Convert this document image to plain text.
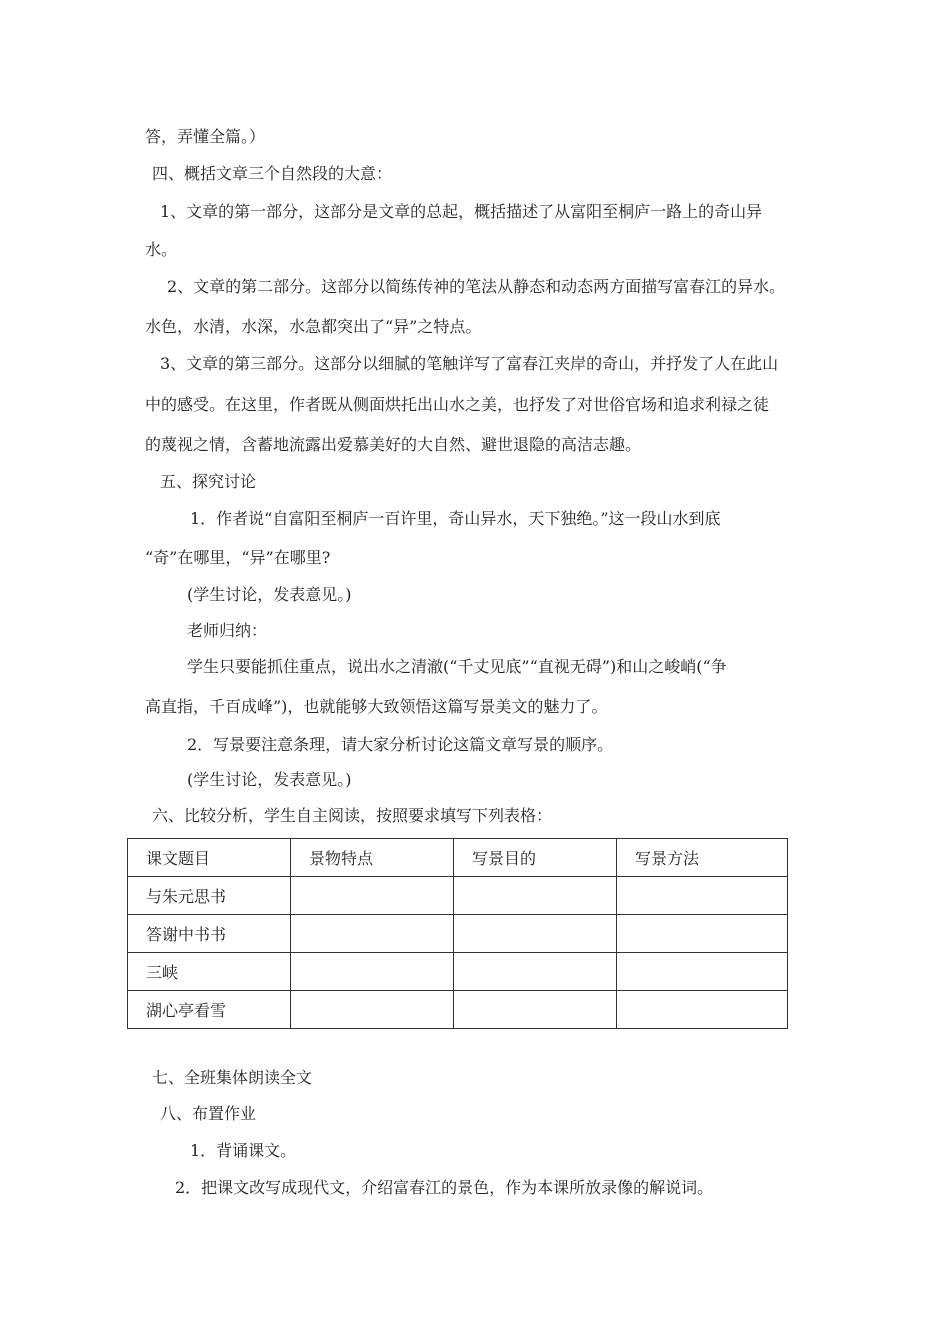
答，弄懂全篇。）
四、概括文章三个自然段的大意：
1、文章的第一部分，这部分是文章的总起，概括描述了从富阳至桐庐一路上的奇山异
水。
2、文章的第二部分。这部分以简练传神的笔法从静态和动态两方面描写富春江的异水。
水色，水清，水深，水急都突出了“异”之特点。
3、文章的第三部分。这部分以细腻的笔触详写了富春江夹岸的奇山，并抒发了人在此山
中的感受。在这里，作者既从侧面烘托出山水之美，也抒发了对世俗官场和追求利禄之徒
的蔑视之情，含蓄地流露出爱慕美好的大自然、避世退隐的高洁志趣。
五、探究讨论
1．作者说“自富阳至桐庐一百许里，奇山异水，天下独绝。”这一段山水到底
“奇”在哪里，“异”在哪里?
(学生讨论，发表意见。)
老师归纳：
学生只要能抓住重点，说出水之清澈(“千丈见底”“直视无碍”)和山之峻峭(“争
高直指，千百成峰”)，也就能够大致领悟这篇写景美文的魅力了。
2．写景要注意条理，请大家分析讨论这篇文章写景的顺序。
(学生讨论，发表意见。)
六、比较分析，学生自主阅读，按照要求填写下列表格：
课文题目	景物特点	写景目的	写景方法
与朱元思书			
答谢中书书			
三峡			
湖心亭看雪			
七、全班集体朗读全文
八、布置作业
1．背诵课文。
2．把课文改写成现代文，介绍富春江的景色，作为本课所放录像的解说词。
